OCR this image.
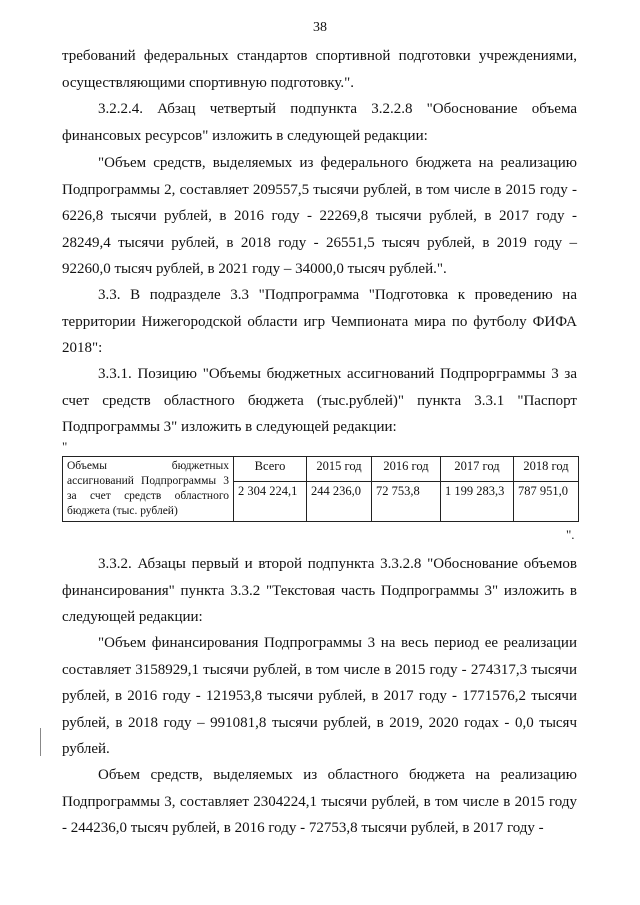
38

требований федеральных стандартов спортивной подготовки учреждениями, осуществляющими спортивную подготовку.".

3.2.2.4. Абзац четвертый подпункта 3.2.2.8 "Обоснование объема финансовых ресурсов" изложить в следующей редакции:

"Объем средств, выделяемых из федерального бюджета на реализацию Подпрограммы 2, составляет 209557,5 тысячи рублей, в том числе в 2015 году - 6226,8 тысячи рублей, в 2016 году - 22269,8 тысячи рублей, в 2017 году - 28249,4 тысячи рублей, в 2018 году - 26551,5 тысяч рублей, в 2019 году – 92260,0 тысяч рублей, в 2021 году – 34000,0 тысяч рублей.".

3.3. В подразделе 3.3 "Подпрограмма "Подготовка к проведению на территории Нижегородской области игр Чемпионата мира по футболу ФИФА 2018":

3.3.1. Позицию "Объемы бюджетных ассигнований Подпрорграммы 3 за счет средств областного бюджета (тыс.рублей)" пункта 3.3.1 "Паспорт Подпрограммы 3" изложить в следующей редакции:

"
Объемы бюджетных ассигнований Подпрограммы 3 за счет средств областного бюджета (тыс. рублей)	Всего	2015 год	2016 год	2017 год	2018 год
	2 304 224,1	244 236,0	72 753,8	1 199 283,3	787 951,0
".

3.3.2. Абзацы первый и второй подпункта 3.3.2.8 "Обоснование объемов финансирования" пункта 3.3.2 "Текстовая часть Подпрограммы 3" изложить в следующей редакции:

"Объем финансирования Подпрограммы 3 на весь период ее реализации составляет 3158929,1 тысячи рублей, в том числе в 2015 году - 274317,3 тысячи рублей, в 2016 году - 121953,8 тысячи рублей, в 2017 году - 1771576,2 тысячи рублей, в 2018 году – 991081,8 тысячи рублей, в 2019, 2020 годах - 0,0 тысяч рублей.

Объем средств, выделяемых из областного бюджета на реализацию Подпрограммы 3, составляет 2304224,1 тысячи рублей, в том числе в 2015 году - 244236,0 тысяч рублей, в 2016 году - 72753,8 тысячи рублей, в 2017 году -
